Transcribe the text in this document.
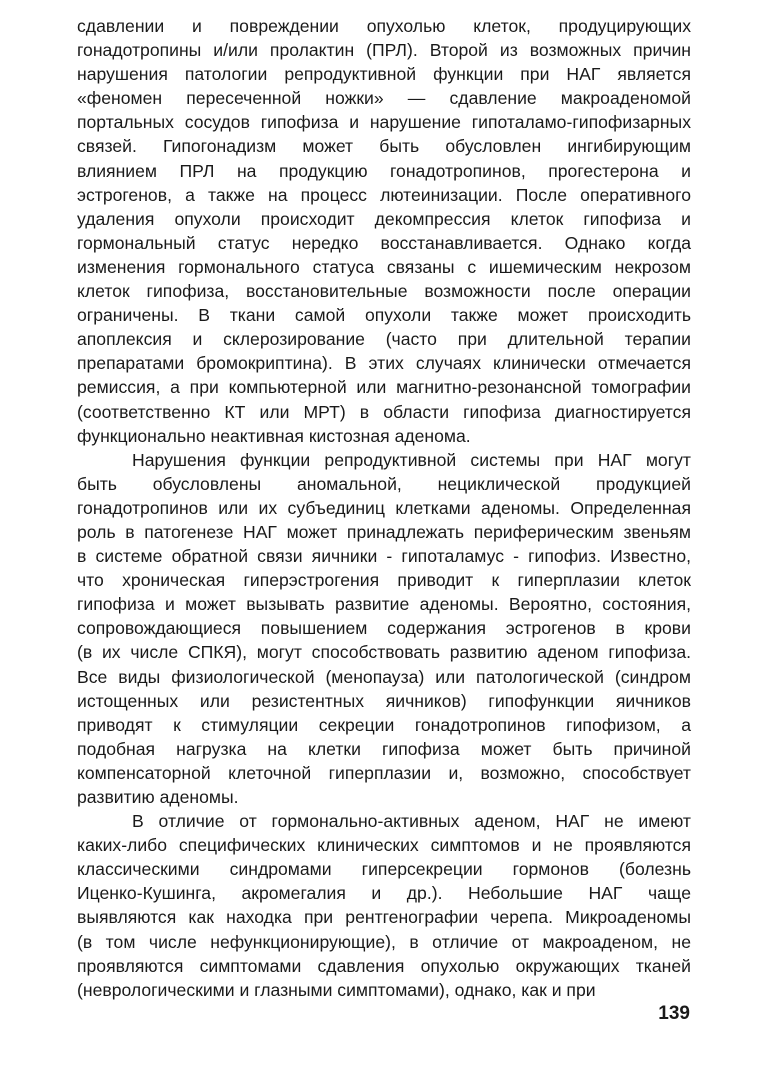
сдавлении и повреждении опухолью клеток, продуцирующих
гонадотропины и/или пролактин (ПРЛ). Второй из возможных причин
нарушения патологии репродуктивной функции при НАГ является
«феномен пересеченной ножки» — сдавление макроаденомой
портальных сосудов гипофиза и нарушение гипоталамо-гипофизарных
связей. Гипогонадизм может быть обусловлен ингибирующим
влиянием ПРЛ на продукцию гонадотропинов, прогестерона и
эстрогенов, а также на процесс лютеинизации. После оперативного
удаления опухоли происходит декомпрессия клеток гипофиза и
гормональный статус нередко восстанавливается. Однако когда
изменения гормонального статуса связаны с ишемическим некрозом
клеток гипофиза, восстановительные возможности после операции
ограничены. В ткани самой опухоли также может происходить
апоплексия и склерозирование (часто при длительной терапии
препаратами бромокриптина). В этих случаях клинически отмечается
ремиссия, а при компьютерной или магнитно-резонансной томографии
(соответственно КТ или МРТ) в области гипофиза диагностируется
функционально неактивная кистозная аденома.
Нарушения функции репродуктивной системы при НАГ могут
быть обусловлены аномальной, нециклической продукцией
гонадотропинов или их субъединиц клетками аденомы. Определенная
роль в патогенезе НАГ может принадлежать периферическим звеньям
в системе обратной связи яичники - гипоталамус - гипофиз. Известно,
что хроническая гиперэстрогения приводит к гиперплазии клеток
гипофиза и может вызывать развитие аденомы. Вероятно, состояния,
сопровождающиеся повышением содержания эстрогенов в крови
(в их числе СПКЯ), могут способствовать развитию аденом гипофиза.
Все виды физиологической (менопауза) или патологической (синдром
истощенных или резистентных яичников) гипофункции яичников
приводят к стимуляции секреции гонадотропинов гипофизом, а
подобная нагрузка на клетки гипофиза может быть причиной
компенсаторной клеточной гиперплазии и, возможно, способствует
развитию аденомы.
В отличие от гормонально-активных аденом, НАГ не имеют
каких-либо специфических клинических симптомов и не проявляются
классическими синдромами гиперсекреции гормонов (болезнь
Иценко-Кушинга, акромегалия и др.). Небольшие НАГ чаще
выявляются как находка при рентгенографии черепа. Микроаденомы
(в том числе нефункционирующие), в отличие от макроаденом, не
проявляются симптомами сдавления опухолью окружающих тканей
(неврологическими и глазными симптомами), однако, как и при
139
